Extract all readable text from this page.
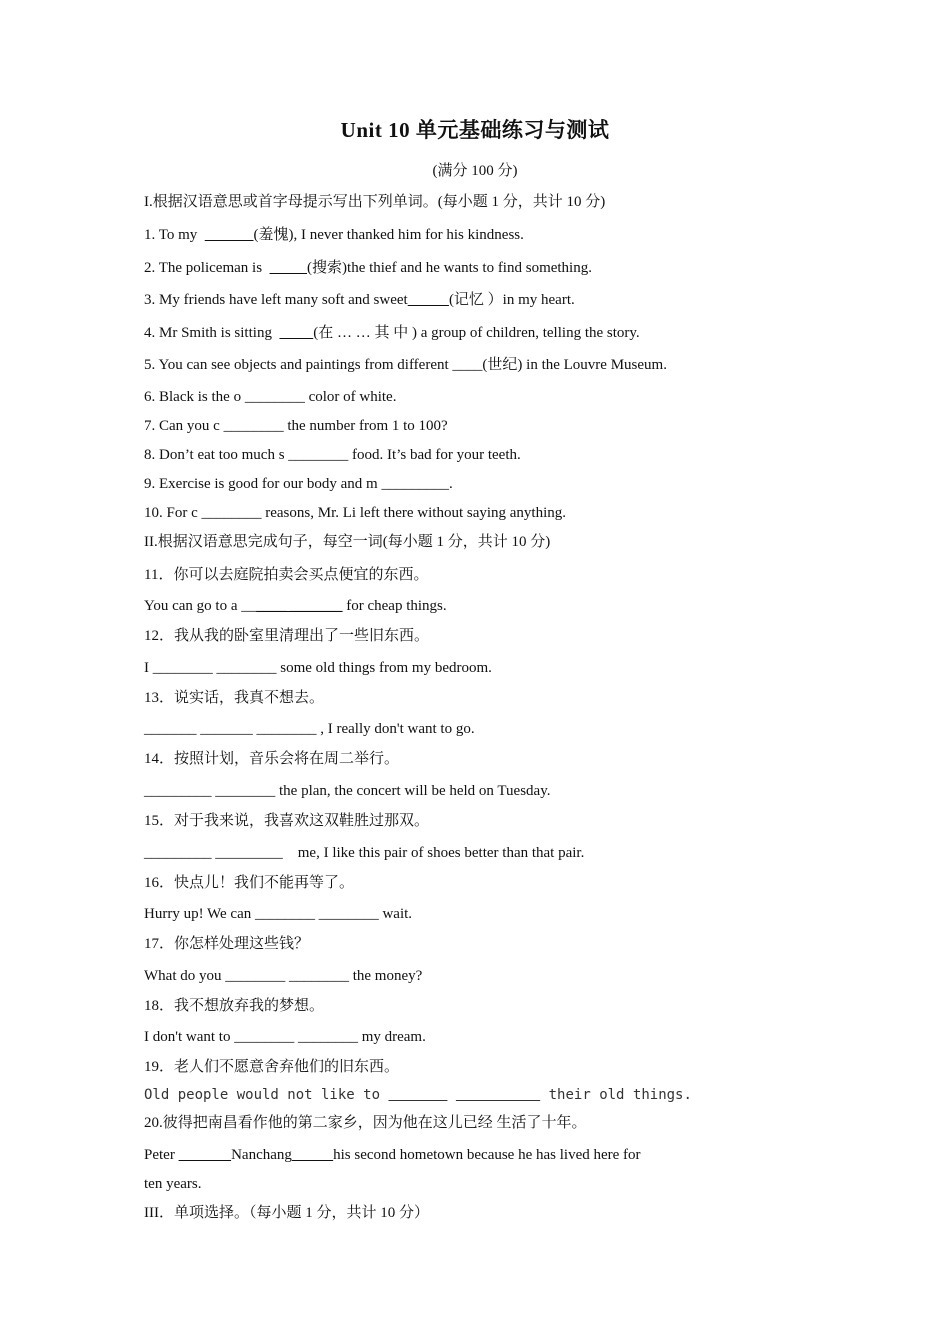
Unit 10 单元基础练习与测试
(满分 100 分)
I.根据汉语意思或首字母提示写出下列单词。(每小题 1 分，共计 10 分)
1. To my	(羞愧), I never thanked him for his kindness.
2. The policeman is	(搜索)the thief and he wants to find something.
3. My friends have left many soft and sweet	(记忆 ）in my heart.
4. Mr Smith is sitting           (在 … … 其 中 ) a group of children, telling the story.
5. You can see objects and paintings from different ____(世纪) in the Louvre Museum.
6. Black is the o ________ color of white.
7. Can you c ________ the number from 1 to 100?
8. Don’t eat too much s ________ food. It’s bad for your teeth.
9. Exercise is good for our body and m _________.
10. For c ________ reasons, Mr. Li left there without saying anything.
II.根据汉语意思完成句子，每空一词(每小题 1 分，共计 10 分)
11．你可以去庭院拍卖会买点便宜的东西。
You can go to a ______ _______ for cheap things.
12．我从我的卧室里清理出了一些旧东西。
I ________ ________ some old things from my bedroom.
13．说实话，我真不想去。
_______ _______ ________ , I really don't want to go.
14．按照计划，音乐会将在周二举行。
_________ ________ the plan, the concert will be held on Tuesday.
15．对于我来说，我喜欢这双鞋胜过那双。
_________ _________    me, I like this pair of shoes better than that pair.
16．快点儿！我们不能再等了。
Hurry up! We can ________ ________ wait.
17．你怎样处理这些钱？
What do you ________ ________ the money?
18．我不想放弃我的梦想。
I don't want to ________ ________ my dream.
19．老人们不愿意舍弃他们的旧东西。
Old people would not like to	their old things.
20.彼得把南昌看作他的第二家乡，因为他在这儿已经 生活了十年。
Peter	Nanchang	his second hometown because he has lived here for
ten years.
III．单项选择。（每小题 1 分，共计 10 分）
